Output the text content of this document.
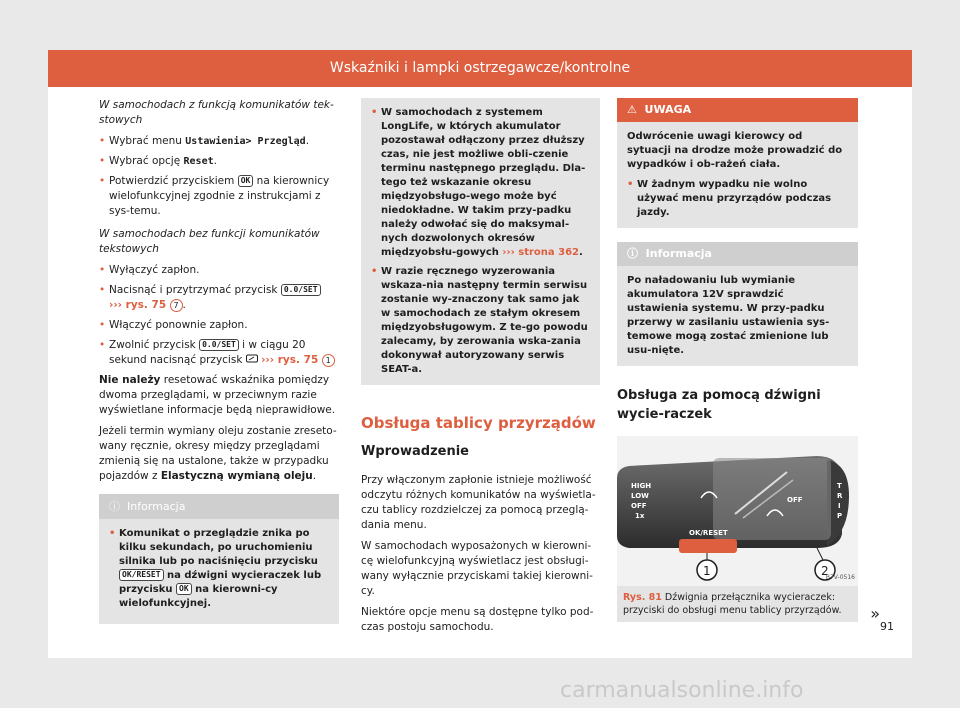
Wskaźniki i lampki ostrzegawcze/kontrolne

W samochodach z funkcją komunikatów tek-stowych

• Wybrać menu Ustawienia> Przegląd.
• Wybrać opcję Reset.
• Potwierdzić przyciskiem OK na kierownicy wielofunkcyjnej zgodnie z instrukcjami z sys-temu.

W samochodach bez funkcji komunikatów tekstowych

• Wyłączyć zapłon.
• Nacisnąć i przytrzymać przycisk 0.0/SET
››› rys. 75 7 .
• Włączyć ponownie zapłon.
• Zwolnić przycisk 0.0/SET i w ciągu 20 sekund nacisnąć przycisk  ››› rys. 75 1

Nie należy resetować wskaźnika pomiędzy dwoma przeglądami, w przeciwnym razie wyświetlane informacje będą nieprawidłowe.

Jeżeli termin wymiany oleju zostanie zreseto-wany ręcznie, okresy między przeglądami zmienią się na ustalone, także w przypadku pojazdów z Elastyczną wymianą oleju.

ⓘ Informacja
• Komunikat o przeglądzie znika po kilku sekundach, po uruchomieniu silnika lub po naciśnięciu przycisku OK/RESET na dźwigni wycieraczek lub przycisku OK na kierowni-cy wielofunkcyjnej.
• W samochodach z systemem LongLife, w których akumulator pozostawał odłączony przez dłuższy czas, nie jest możliwe obli-czenie terminu następnego przeglądu. Dla-tego też wskazanie okresu międzyobsługo-wego może być niedokładne. W takim przy-padku należy odwołać się do maksymal-nych dozwolonych okresów międzyobsłu-gowych ››› strona 362.
• W razie ręcznego wyzerowania wskaza-nia następny termin serwisu zostanie wy-znaczony tak samo jak w samochodach ze stałym okresem międzyobsługowym. Z te-go powodu zalecamy, by zerowania wska-zania dokonywał autoryzowany serwis SEAT-a.
Obsługa tablicy przyrządów
Wprowadzenie

Przy włączonym zapłonie istnieje możliwość odczytu różnych komunikatów na wyświetla-czu tablicy rozdzielczej za pomocą przeglą-dania menu.

W samochodach wyposażonych w kierowni-cę wielofunkcyjną wyświetlacz jest obsługi-wany wyłącznie przyciskami takiej kierowni-cy.

Niektóre opcje menu są dostępne tylko pod-czas postoju samochodu.

⚠ UWAGA

Odwrócenie uwagi kierowcy od sytuacji na drodze może prowadzić do wypadków i ob-rażeń ciała.

• W żadnym wypadku nie wolno używać menu przyrządów podczas jazdy.
ⓘ Informacja

Po naładowaniu lub wymianie akumulatora 12V sprawdzić ustawienia systemu. W przy-padku przerwy w zasilaniu ustawienia sys-temowe mogą zostać zmienione lub usu-nięte.

Obsługa za pomocą dźwigni wycie-raczek
HIGH
LOW
OFF
1x
OFF
T
R
I
P
OK/RESET
1	2
B7V-0516
Rys. 81 Dźwignia przełącznika wycieraczek: przyciski do obsługi menu tablicy przyrządów. »
91
carmanualsonline.info
